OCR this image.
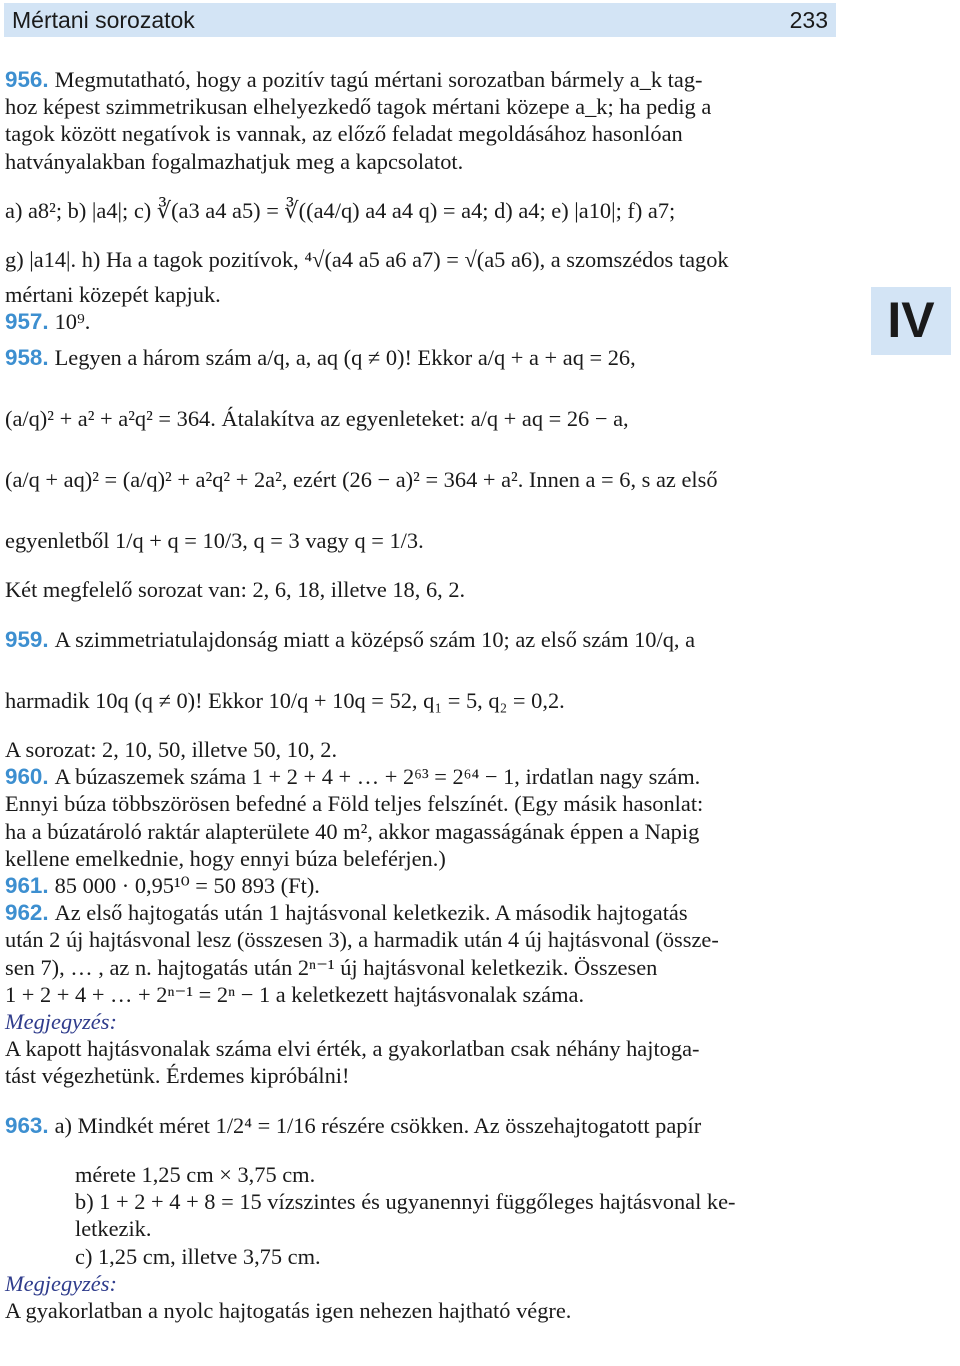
Mértani sorozatok	233
IV
956. Megmutatható, hogy a pozitív tagú mértani sorozatban bármely a_k tag-
hoz képest szimmetrikusan elhelyezkedő tagok mértani közepe a_k; ha pedig a
tagok között negatívok is vannak, az előző feladat megoldásához hasonlóan
hatványalakban fogalmazhatjuk meg a kapcsolatot.
a) a8²; b) |a4|; c) ∛(a3 a4 a5) = ∛((a4/q) a4 a4 q) = a4; d) a4; e) |a10|; f) a7;
g) |a14|. h) Ha a tagok pozitívok, ⁴√(a4 a5 a6 a7) = √(a5 a6), a szomszédos tagok
mértani közepét kapjuk.
957. 10⁹.
958. Legyen a három szám a/q, a, aq (q ≠ 0)! Ekkor a/q + a + aq = 26,
(a/q)² + a² + a²q² = 364. Átalakítva az egyenleteket: a/q + aq = 26 − a,
(a/q + aq)² = (a/q)² + a²q² + 2a², ezért (26 − a)² = 364 + a². Innen a = 6, s az első
egyenletből 1/q + q = 10/3, q = 3 vagy q = 1/3.
Két megfelelő sorozat van: 2, 6, 18, illetve 18, 6, 2.
959. A szimmetriatulajdonság miatt a középső szám 10; az első szám 10/q, a
harmadik 10q (q ≠ 0)! Ekkor 10/q + 10q = 52, q₁ = 5, q₂ = 0,2.
A sorozat: 2, 10, 50, illetve 50, 10, 2.
960. A búzaszemek száma 1 + 2 + 4 + … + 2⁶³ = 2⁶⁴ − 1, irdatlan nagy szám.
Ennyi búza többszörösen befedné a Föld teljes felszínét. (Egy másik hasonlat:
ha a búzatároló raktár alapterülete 40 m², akkor magasságának éppen a Napig
kellene emelkednie, hogy ennyi búza beleférjen.)
961. 85 000 · 0,95¹⁰ = 50 893 (Ft).
962. Az első hajtogatás után 1 hajtásvonal keletkezik. A második hajtogatás
után 2 új hajtásvonal lesz (összesen 3), a harmadik után 4 új hajtásvonal (össze-
sen 7), … , az n. hajtogatás után 2ⁿ⁻¹ új hajtásvonal keletkezik. Összesen
1 + 2 + 4 + … + 2ⁿ⁻¹ = 2ⁿ − 1 a keletkezett hajtásvonalak száma.
Megjegyzés:
A kapott hajtásvonalak száma elvi érték, a gyakorlatban csak néhány hajtoga-
tást végezhetünk. Érdemes kipróbálni!
963. a) Mindkét méret 1/2⁴ = 1/16 részére csökken. Az összehajtogatott papír
mérete 1,25 cm × 3,75 cm.
b) 1 + 2 + 4 + 8 = 15 vízszintes és ugyanennyi függőleges hajtásvonal ke-
letkezik.
c) 1,25 cm, illetve 3,75 cm.
Megjegyzés:
A gyakorlatban a nyolc hajtogatás igen nehezen hajtható végre.
